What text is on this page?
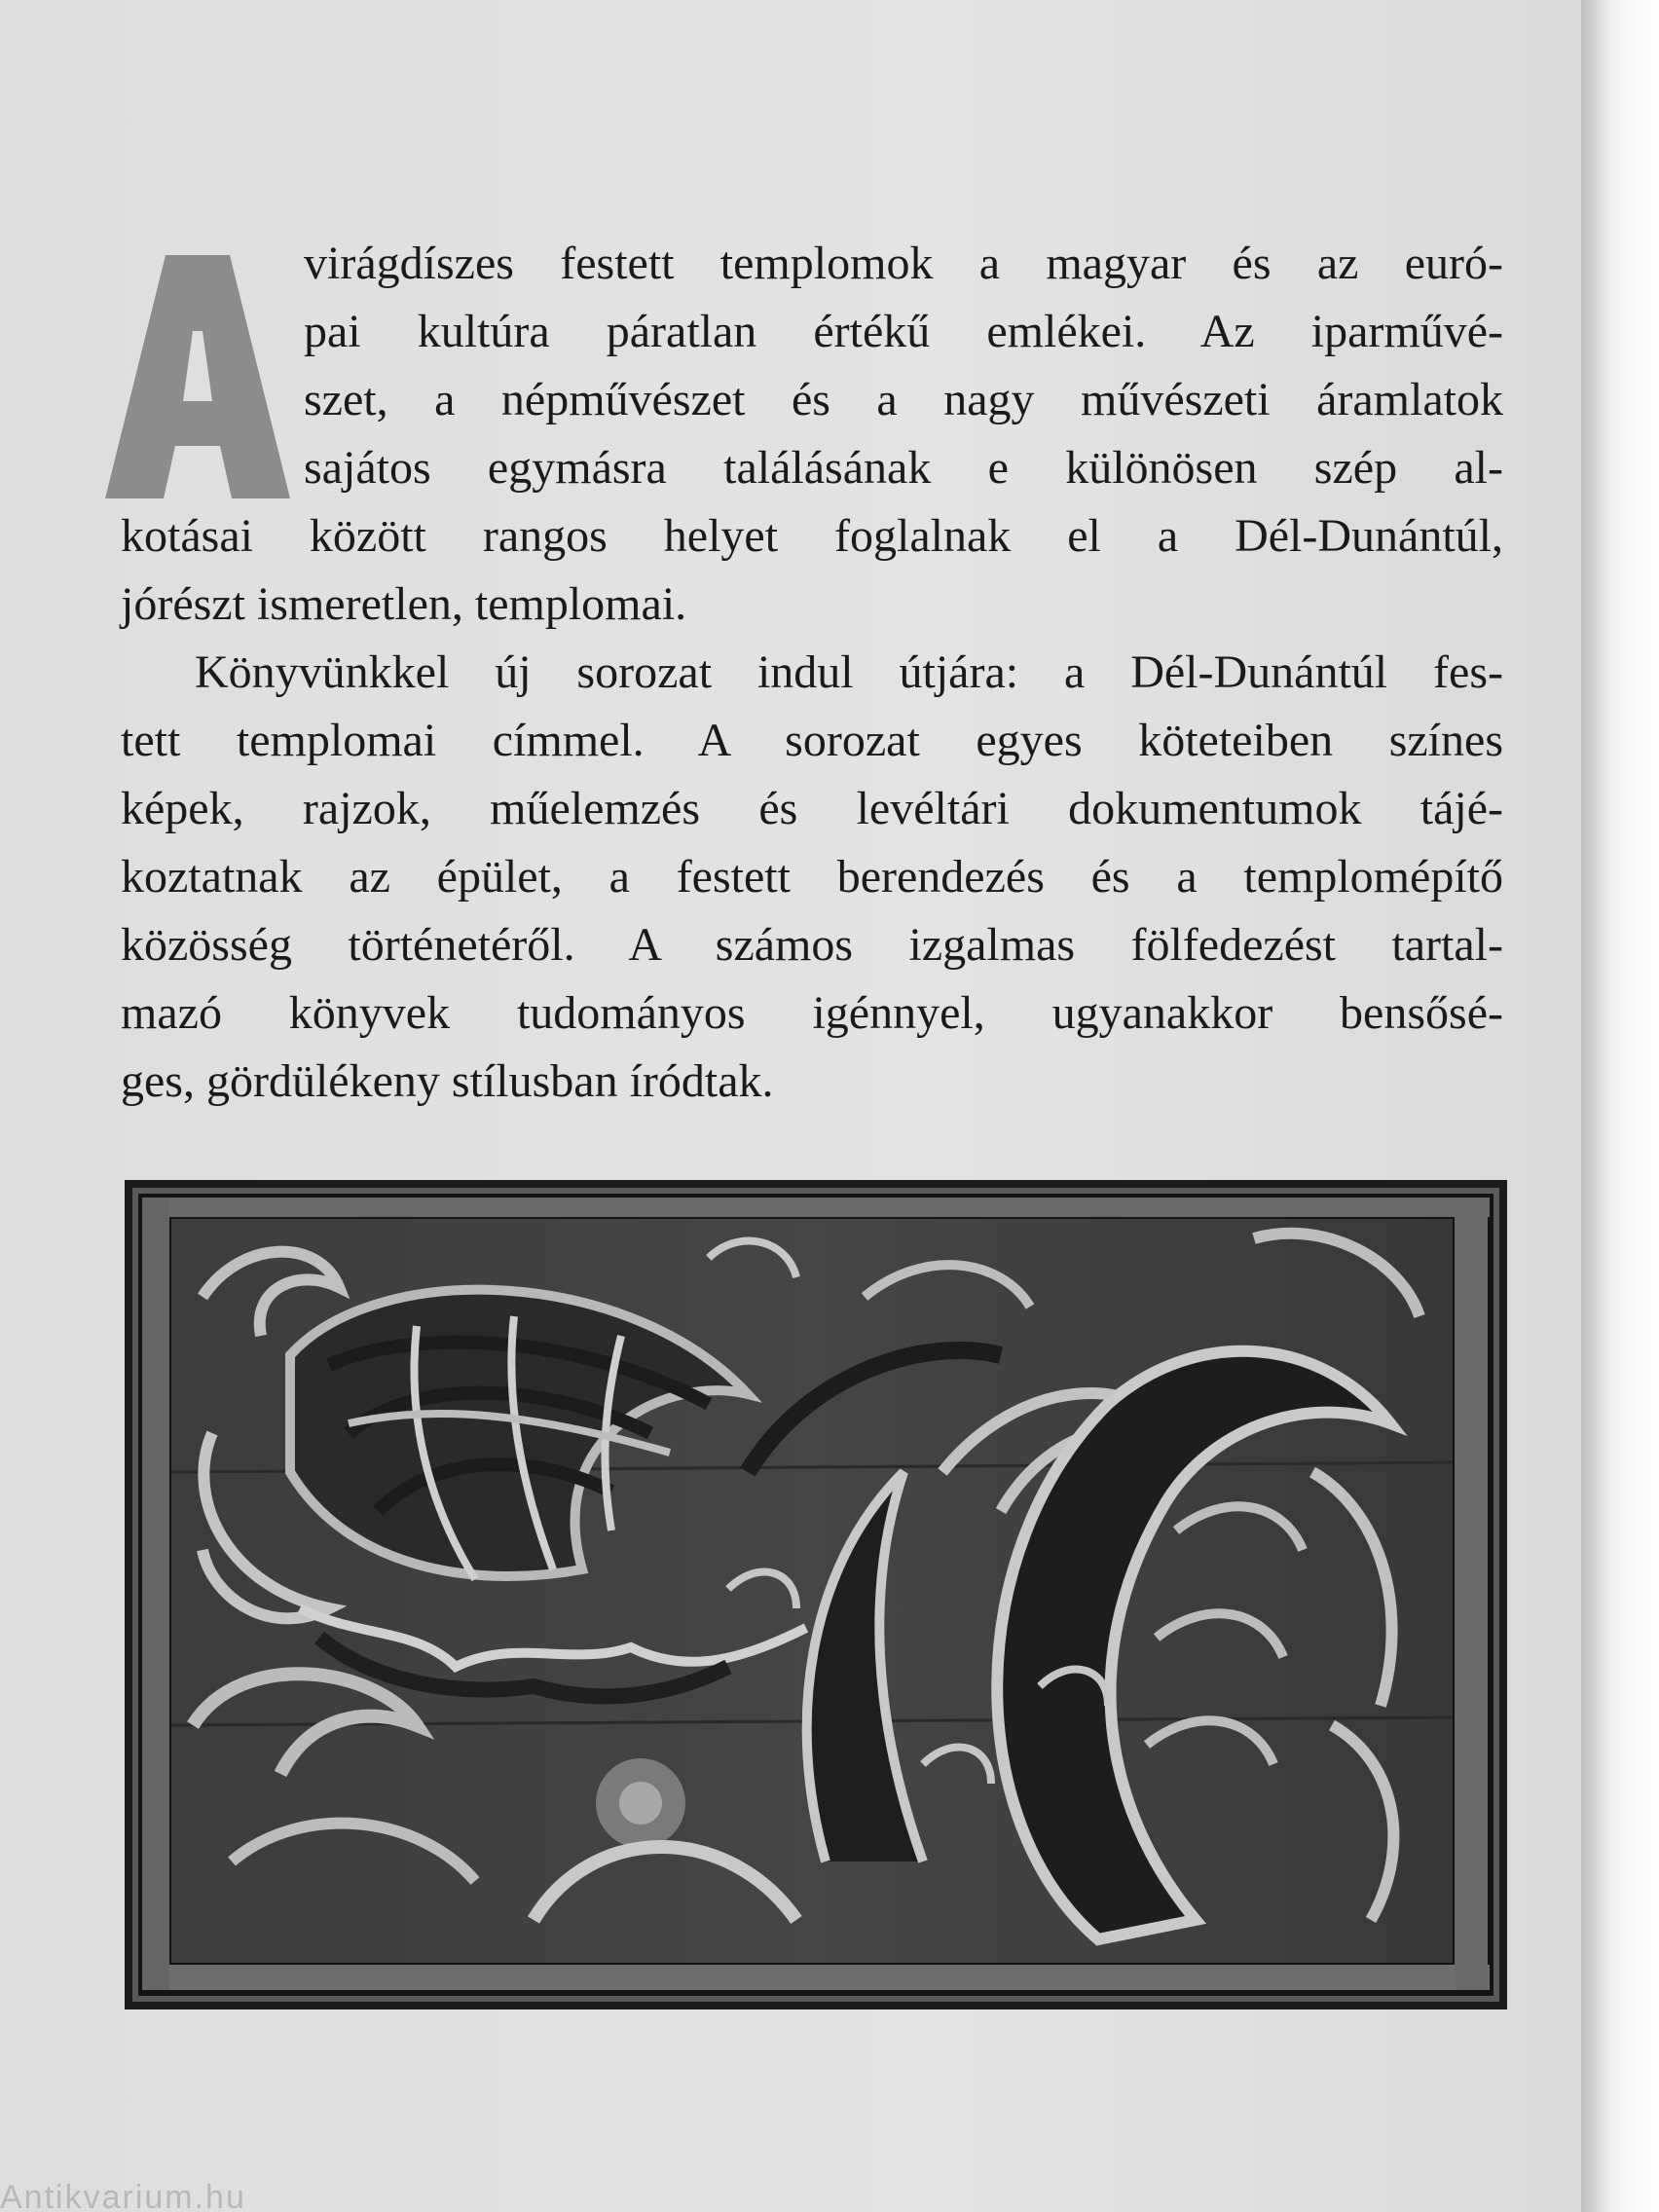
A
virágdíszes festett templomok a magyar és az euró-
pai kultúra páratlan értékű emlékei. Az iparművé-
szet, a népművészet és a nagy művészeti áramlatok
sajátos egymásra találásának e különösen szép al-
kotásai között rangos helyet foglalnak el a Dél-Dunántúl,
jórészt ismeretlen, templomai.
Könyvünkkel új sorozat indul útjára: a Dél-Dunántúl fes-
tett templomai címmel. A sorozat egyes köteteiben színes
képek, rajzok, műelemzés és levéltári dokumentumok tájé-
koztatnak az épület, a festett berendezés és a templomépítő
közösség történetéről. A számos izgalmas fölfedezést tartal-
mazó könyvek tudományos igénnyel, ugyanakkor bensősé-
ges, gördülékeny stílusban íródtak.
Antikvarium.hu
